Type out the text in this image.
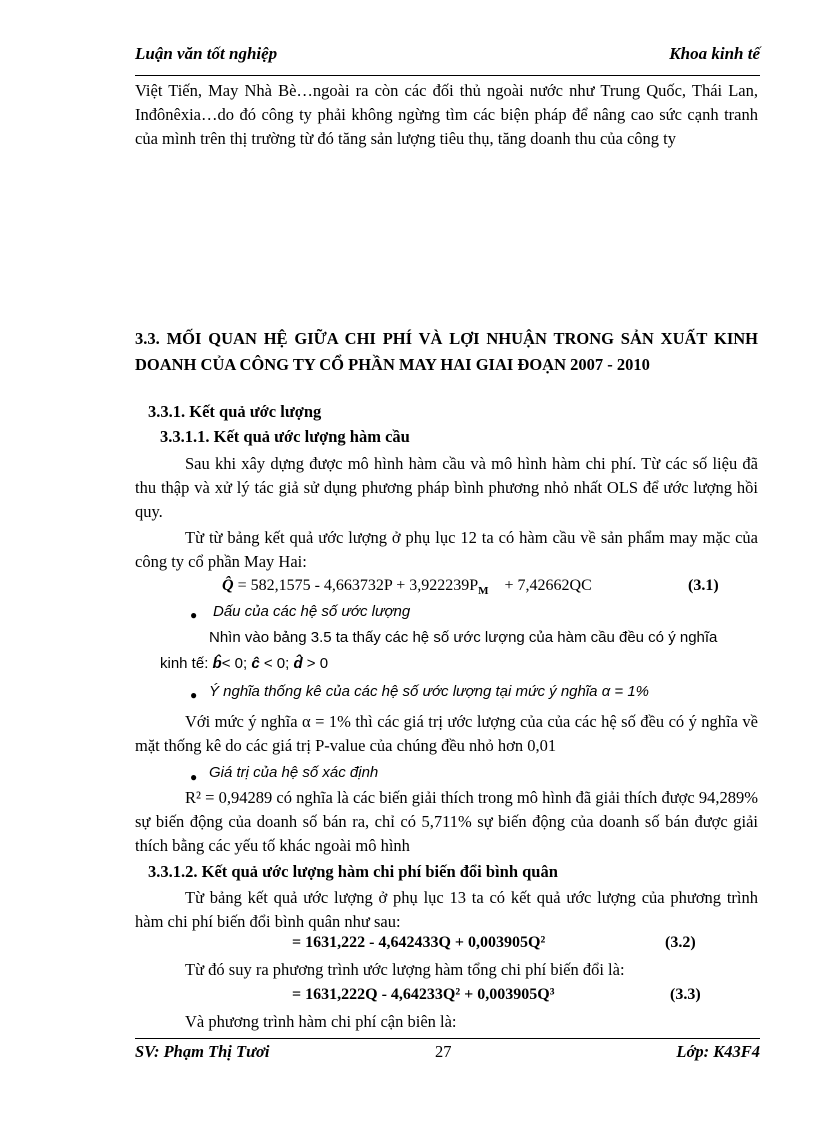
Luận văn tốt nghiệp	Khoa kinh tế

Việt Tiến, May Nhà Bè…ngoài ra còn các đối thủ ngoài nước như Trung Quốc, Thái Lan, Inđônêxia…do đó công ty phải không ngừng tìm các biện pháp để nâng cao sức cạnh tranh của mình trên thị trường từ đó tăng sản lượng tiêu thụ, tăng doanh thu của công ty

3.3. MỐI QUAN HỆ GIỮA CHI PHÍ VÀ LỢI NHUẬN TRONG SẢN XUẤT KINH DOANH CỦA CÔNG TY CỔ PHẦN MAY HAI GIAI ĐOẠN 2007 - 2010

3.3.1. Kết quả ước lượng
3.3.1.1. Kết quả ước lượng hàm cầu

Sau khi xây dựng được mô hình hàm cầu và mô hình hàm chi phí. Từ các số liệu đã thu thập và xử lý tác giả sử dụng phương pháp bình phương nhỏ nhất OLS để ước lượng hồi quy.

Từ từ bảng kết quả ước lượng ở phụ lục 12 ta có hàm cầu về sản phẩm may mặc của công ty cổ phần May Hai:

Q̂ = $582,1575 - 4,663732P + 3,922239P_M + 7,42662QC$	(3.1)
● Dấu của các hệ số ước lượng
Nhìn vào bảng 3.5 ta thấy các hệ số ước lượng của hàm cầu đều có ý nghĩa
kinh tế: b̂< 0; ĉ < 0; d̂ > 0
● Ý nghĩa thống kê của các hệ số ước lượng tại mức ý nghĩa α = 1%

Với mức ý nghĩa α = 1% thì các giá trị ước lượng của của các hệ số đều có ý nghĩa về mặt thống kê do các giá trị P-value của chúng đều nhỏ hơn 0,01

● Giá trị của hệ số xác định

R² = 0,94289 có nghĩa là các biến giải thích trong mô hình đã giải thích được 94,289% sự biến động của doanh số bán ra, chỉ có 5,711% sự biến động của doanh số bán được giải thích bằng các yếu tố khác ngoài mô hình

3.3.1.2. Kết quả ước lượng hàm chi phí biến đổi bình quân

Từ bảng kết quả ước lượng ở phụ lục 13 ta có kết quả ước lượng của phương trình hàm chi phí biến đổi bình quân như sau:

= 1631,222 - 4,642433Q + 0,003905Q²	(3.2)
Từ đó suy ra phương trình ước lượng hàm tổng chi phí biến đổi là:
= 1631,222Q - 4,64233Q² + 0,003905Q³	(3.3)
Và phương trình hàm chi phí cận biên là:
SV: Phạm Thị Tươi	27	Lớp: K43F4
